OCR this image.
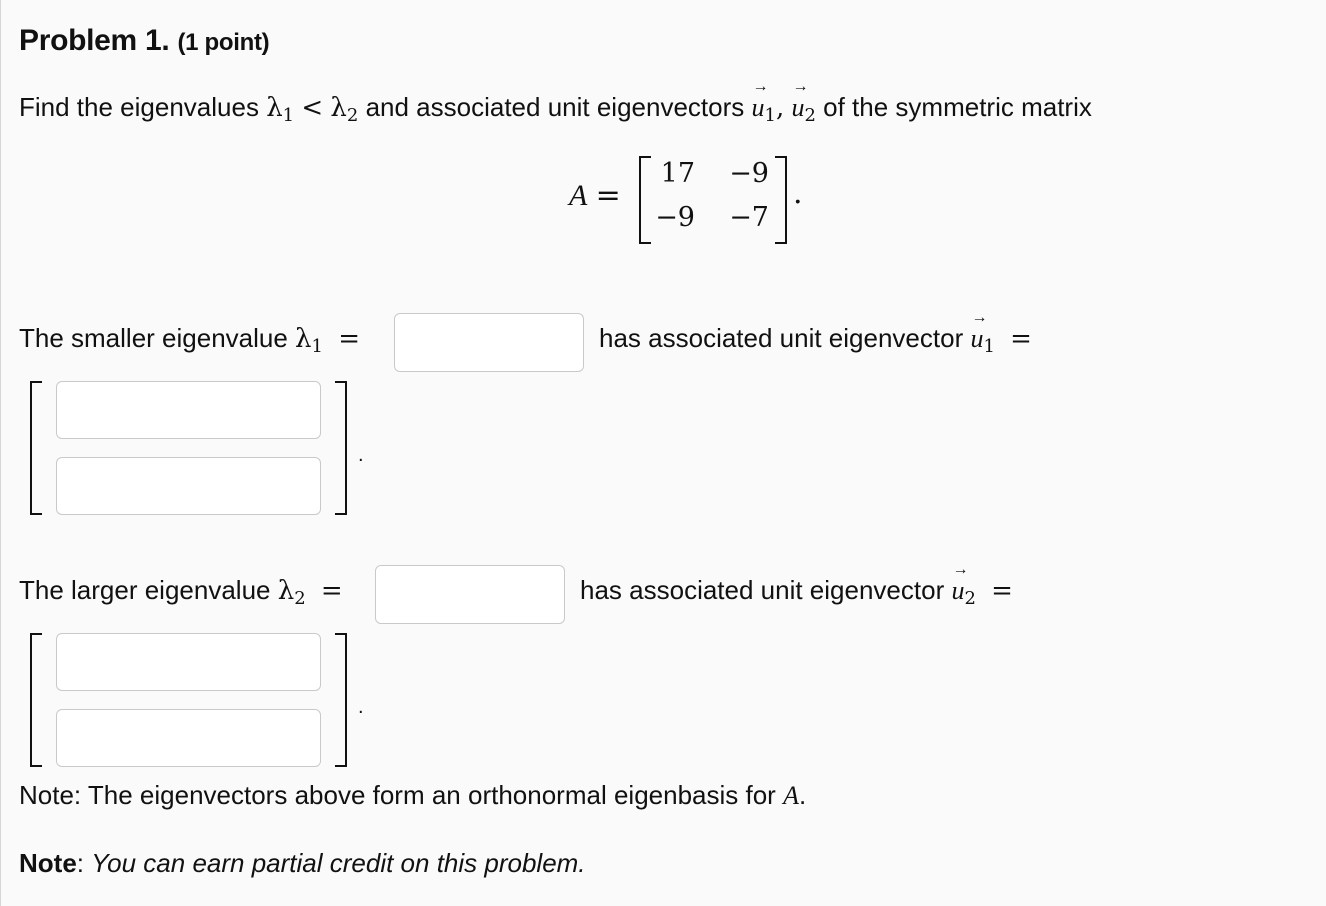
Problem 1. (1 point)
Find the eigenvalues $\lambda_1 < \lambda_2$ and associated unit eigenvectors → $u_1$, → $u_2$ of the symmetric matrix
A =
17	−9
−9	−7
.
The smaller eigenvalue $\lambda_1$ =	has associated unit eigenvector → $u_1$ =
.
The larger eigenvalue $\lambda_2$ =	has associated unit eigenvector → $u_2$ =
.
Note: The eigenvectors above form an orthonormal eigenbasis for A.
Note: You can earn partial credit on this problem.
